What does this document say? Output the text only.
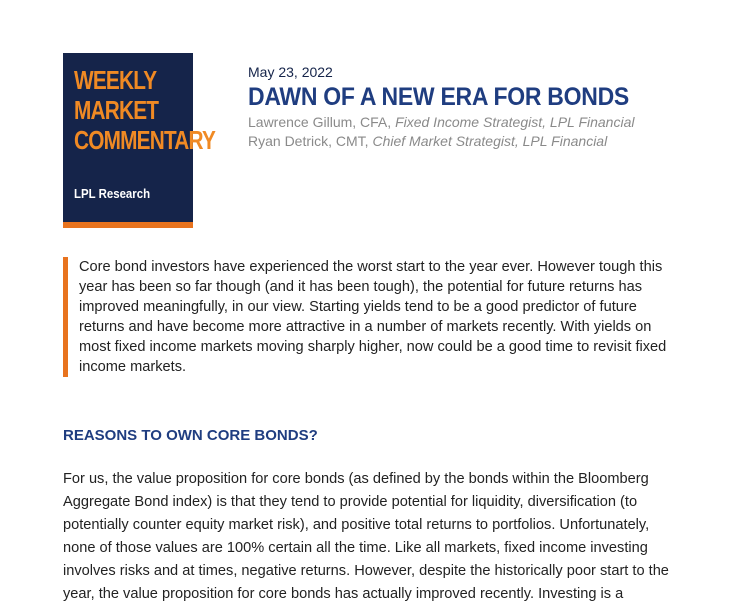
WEEKLY
MARKET
COMMENTARY
LPL Research
May 23, 2022
DAWN OF A NEW ERA FOR BONDS
Lawrence Gillum, CFA, Fixed Income Strategist, LPL Financial
Ryan Detrick, CMT, Chief Market Strategist, LPL Financial

Core bond investors have experienced the worst start to the year ever. However tough this year has been so far though (and it has been tough), the potential for future returns has improved meaningfully, in our view. Starting yields tend to be a good predictor of future returns and have become more attractive in a number of markets recently. With yields on most fixed income markets moving sharply higher, now could be a good time to revisit fixed income markets.

REASONS TO OWN CORE BONDS?

For us, the value proposition for core bonds (as defined by the bonds within the Bloomberg Aggregate Bond index) is that they tend to provide potential for liquidity, diversification (to potentially counter equity market risk), and positive total returns to portfolios. Unfortunately, none of those values are 100% certain all the time. Like all markets, fixed income investing involves risks and at times, negative returns. However, despite the historically poor start to the year, the value proposition for core bonds has actually improved recently. Investing is a
